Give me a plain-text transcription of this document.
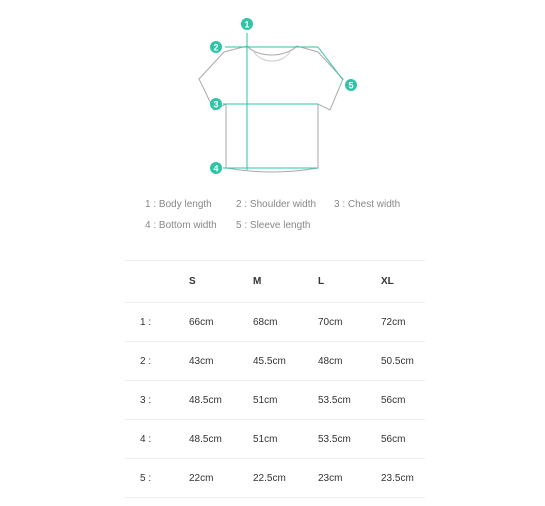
1
2
3
4
5
1 : Body length 2 : Shoulder width 3 : Chest width
4 : Bottom width 5 : Sleeve length
	S	M	L	XL
1 :	66cm	68cm	70cm	72cm
2 :	43cm	45.5cm	48cm	50.5cm
3 :	48.5cm	51cm	53.5cm	56cm
4 :	48.5cm	51cm	53.5cm	56cm
5 :	22cm	22.5cm	23cm	23.5cm
